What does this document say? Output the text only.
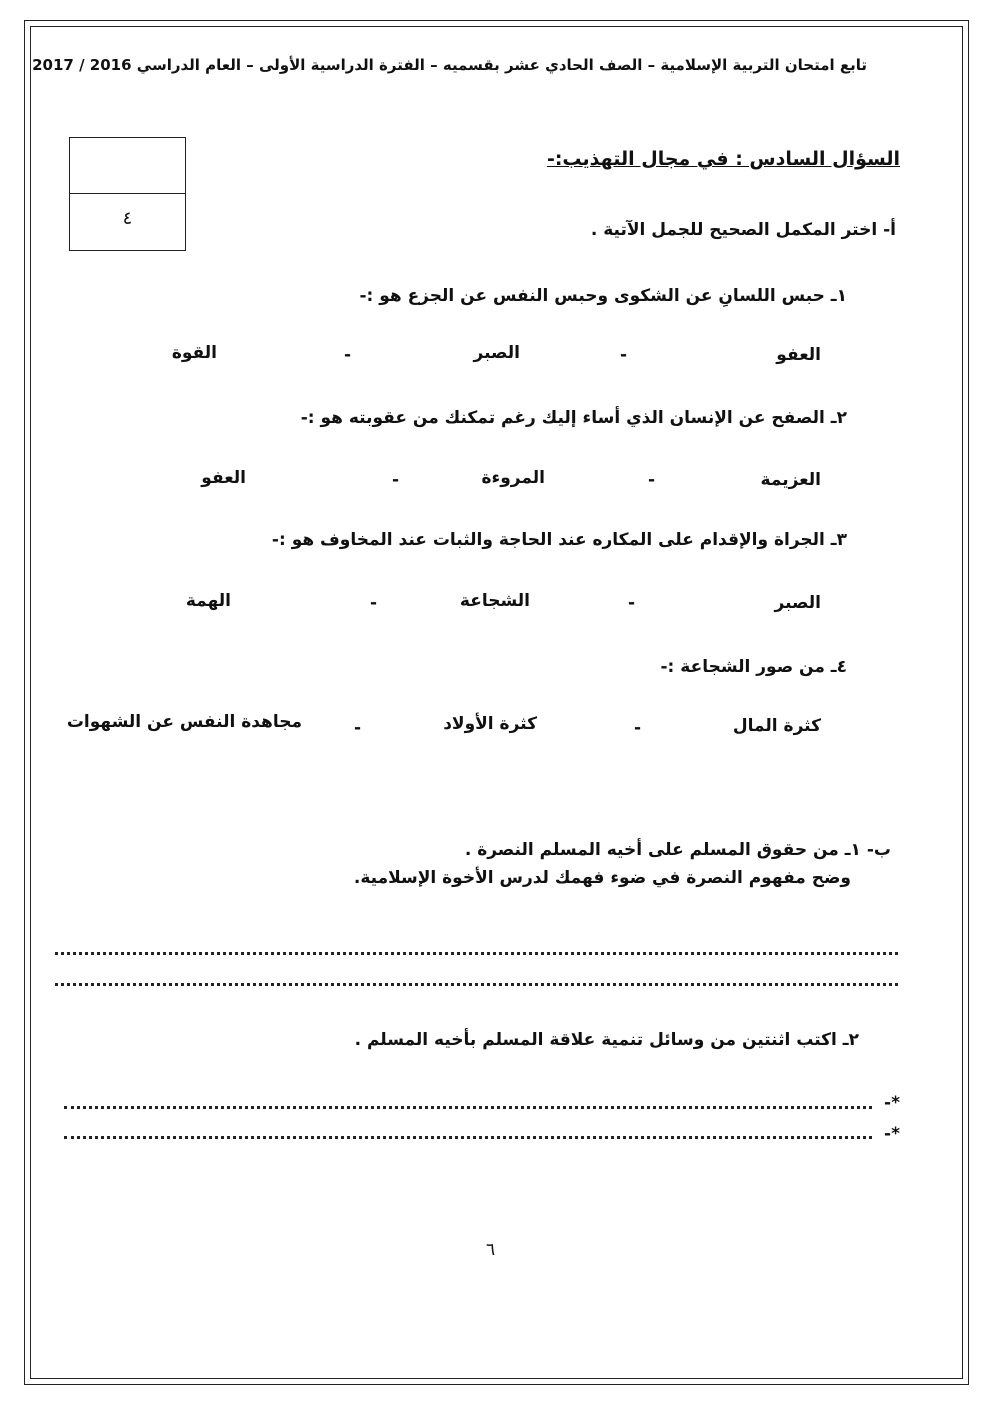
تابع امتحان التربية الإسلامية – الصف الحادي عشر بقسميه – الفترة الدراسية الأولى – العام الدراسي 2016 / 2017
٤
السؤال السادس : في مجال التهذيب:-
أ- اختر المكمل الصحيح للجمل الآتية .
١ـ حبس اللسانِ عن الشكوى وحبس النفس عن الجزع هو :-
العفو
-
الصبر
-
القوة
٢ـ الصفح عن الإنسان الذي أساء إليك رغم تمكنك من عقوبته هو :-
العزيمة
-
المروءة
-
العفو
٣ـ الجراة والإقدام على المكاره عند الحاجة والثبات عند المخاوف هو :-
الصبر
-
الشجاعة
-
الهمة
٤ـ من صور الشجاعة :-
كثرة المال
-
كثرة الأولاد
-
مجاهدة النفس عن الشهوات
ب- ١ـ من حقوق المسلم على أخيه المسلم النصرة .
وضح مفهوم النصرة في ضوء فهمك لدرس الأخوة الإسلامية.
٢ـ اكتب اثنتين من وسائل تنمية علاقة المسلم بأخيه المسلم .
*-
*-
٦
